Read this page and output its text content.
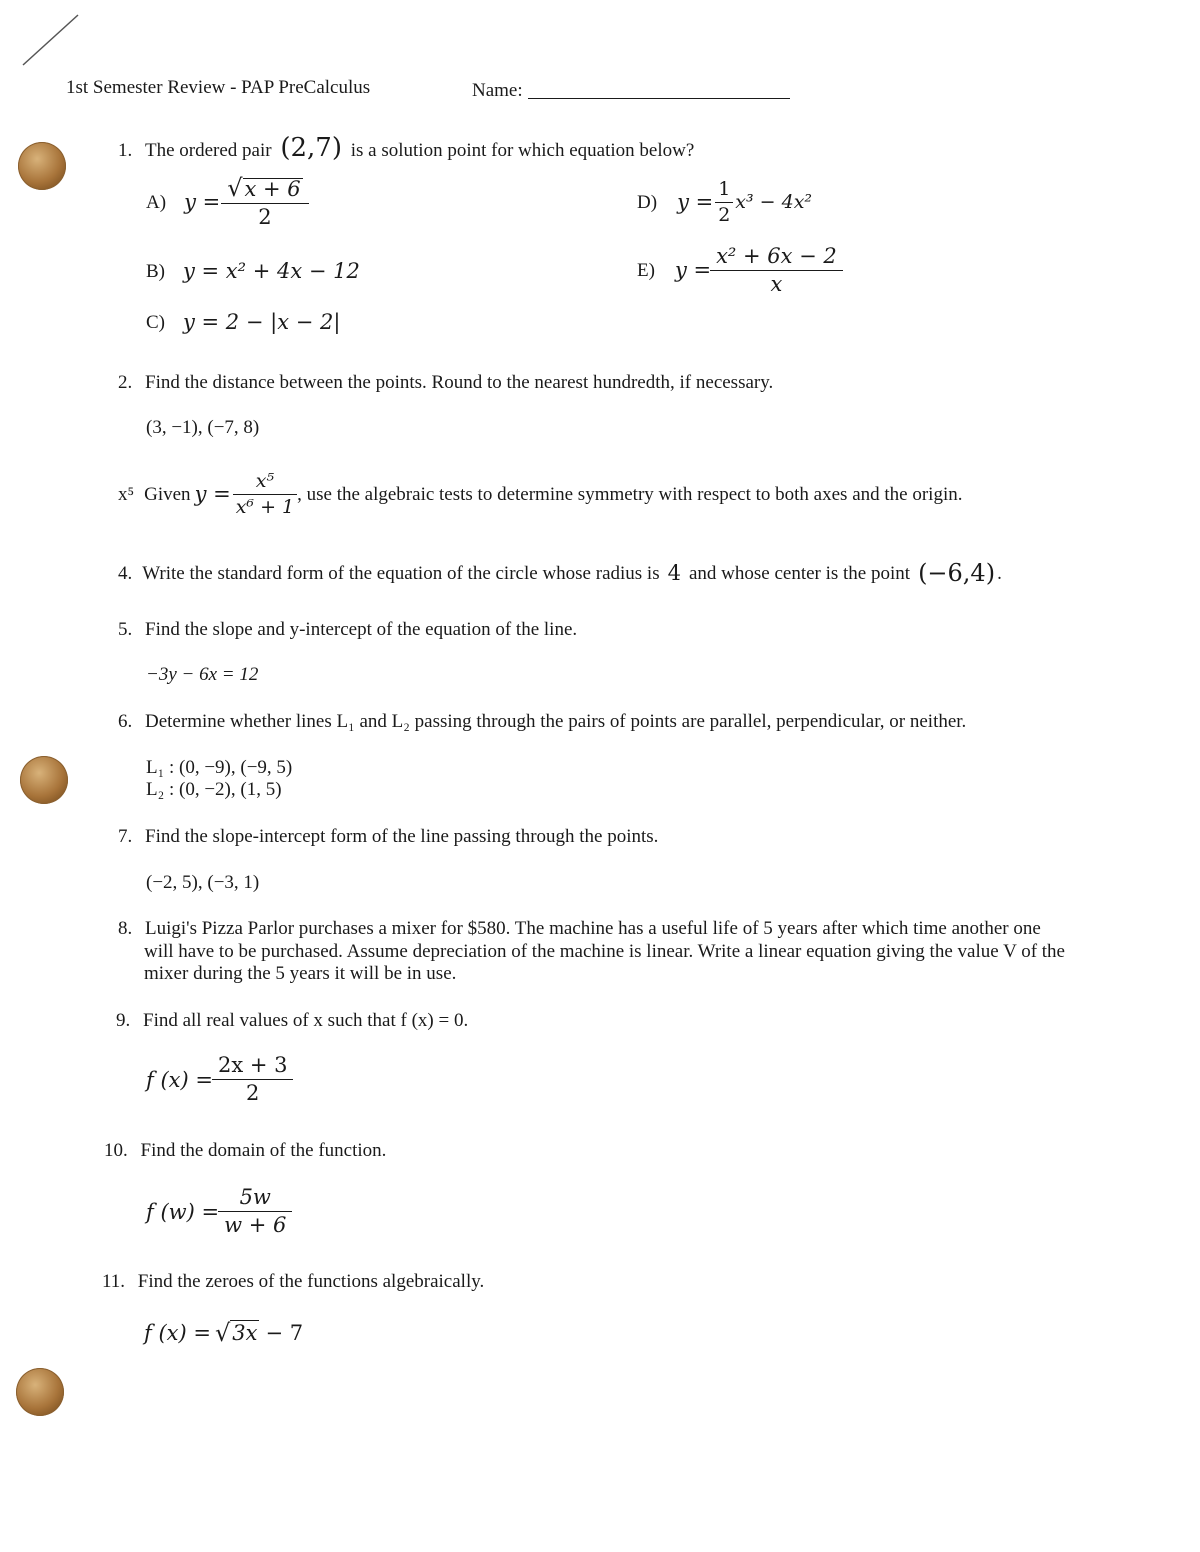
1st Semester Review - PAP PreCalculus	Name:
1. The ordered pair (2,7) is a solution point for which equation below?
A) $y = \frac{√ x + 6}{2}$	D) $y = \frac{1}{2} x^3 - 4x^2$
B) y = x² + 4x − 12	E) $y = \frac{\text{x² + 6x − 2}}{x}$
C) y = 2 − |x − 2|
2. Find the distance between the points. Round to the nearest hundredth, if necessary.
(3, −1), (−7, 8)
x⁵ Given $y = \frac{\text{x⁵}}{\text{x⁶ + 1}}$ , use the algebraic tests to determine symmetry with respect to both axes and the origin.
4. Write the standard form of the equation of the circle whose radius is 4 and whose center is the point (−6,4) .
5. Find the slope and y-intercept of the equation of the line.
−3y − 6x = 12
6. Determine whether lines L₁ and L₂ passing through the pairs of points are parallel, perpendicular, or neither.
L₁ : (0, −9), (−9, 5)
L₂ : (0, −2), (1, 5)
7. Find the slope-intercept form of the line passing through the points.
(−2, 5), (−3, 1)
8. Luigi's Pizza Parlor purchases a mixer for $580. The machine has a useful life of 5 years after which time another one
will have to be purchased. Assume depreciation of the machine is linear. Write a linear equation giving the value V of the
mixer during the 5 years it will be in use.
9. Find all real values of x such that f (x) = 0.
f $(x) = \frac{2x + 3}{2}$
10. Find the domain of the function.
f $(w) = \frac{5w}{w + 6}$
11. Find the zeroes of the functions algebraically.
f (x) = √ 3x − 7
